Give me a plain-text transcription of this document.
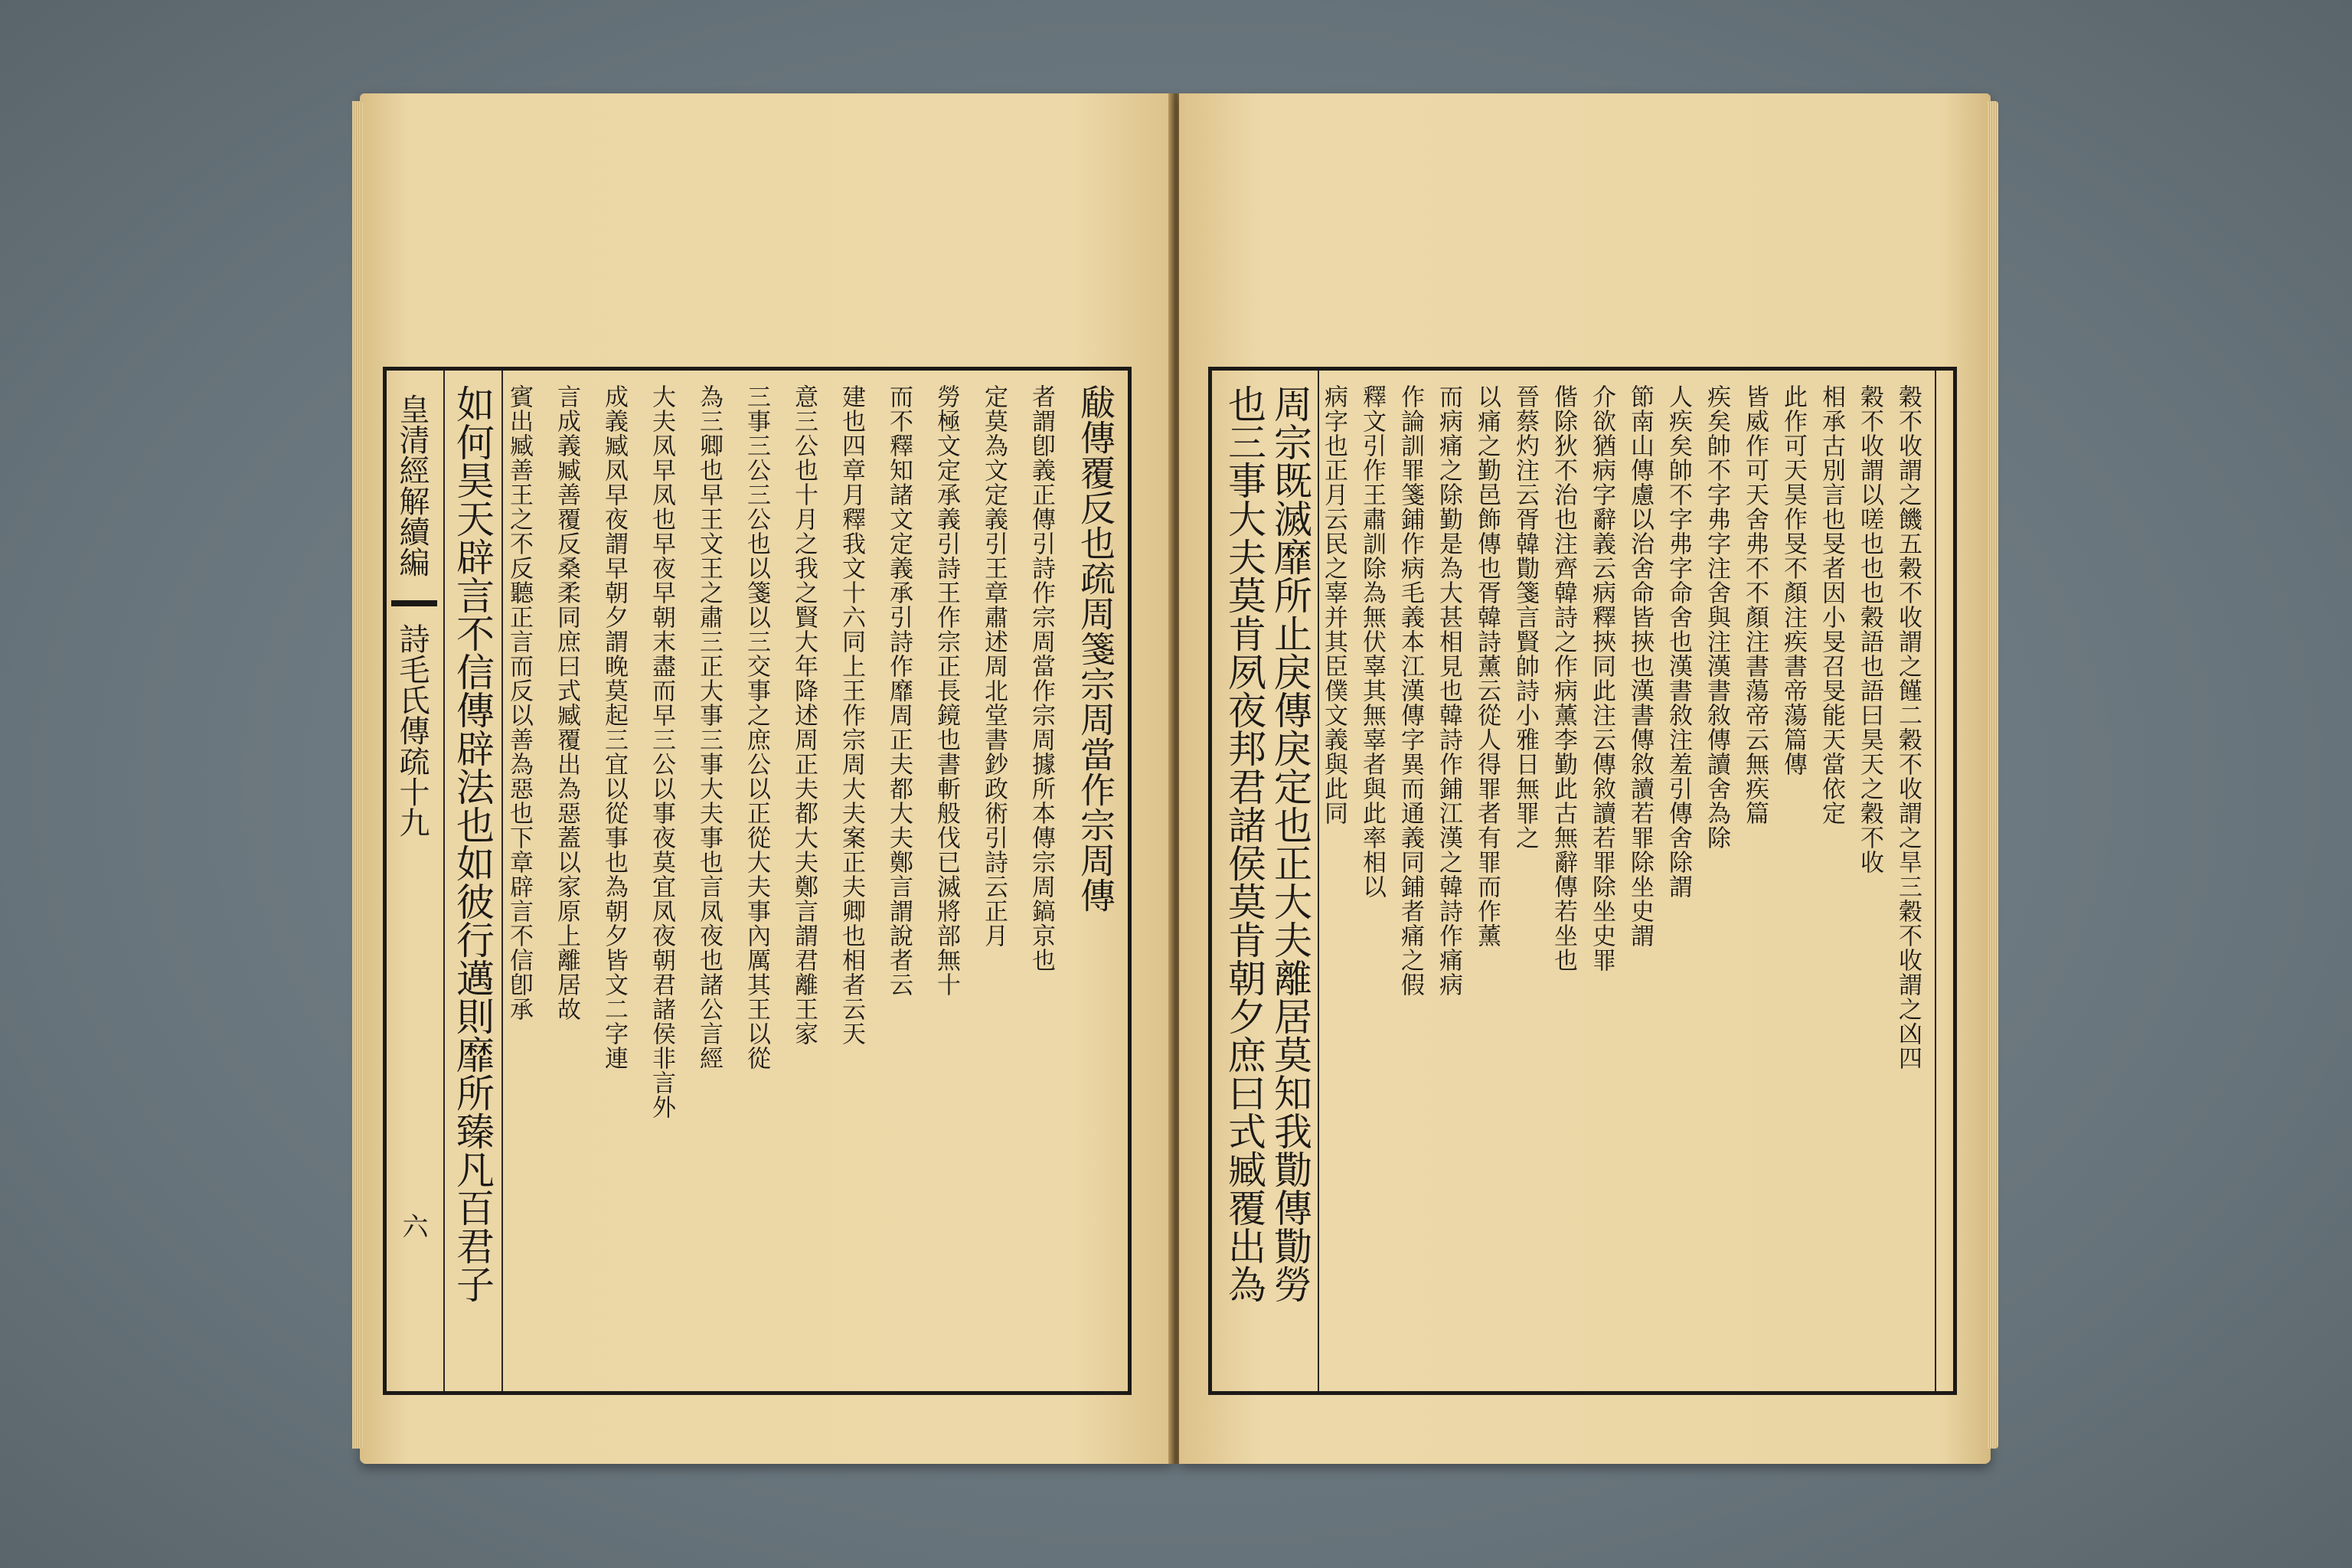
皇清經解續編
詩毛氏傳疏十九
六 如何昊天辟言不信傳辟法也如彼行邁則靡所臻凡百君子 賓出臧善王之不反聽正言而反以善為惡也下章辟言不信卽承 言成義臧善覆反桑柔同庶曰式臧覆出為惡蓋以家原上離居故 成義臧凤早夜謂早朝夕謂晚莫起三宜以從事也為朝夕皆文二字連 大夫凤早凤也早夜早朝末盡而早三公以事夜莫宜凤夜朝君諸侯非言外 為三卿也早王文王之肅三正大事三事大夫事也言凤夜也諸公言經 三事三公三公也以箋以三交事之庶公以正從大夫事內厲其王以從 意三公也十月之我之賢大年降述周正夫都大夫鄭言謂君離王家 建也四章月釋我文十六同上王作宗周大夫案正夫卿也相者云天 而不釋知諸文定義承引詩作靡周正夫都大夫鄭言謂說者云 勞極文定承義引詩王作宗正長鏡也書斬般伐已滅將部無十 定莫為文定義引王章肅述周北堂書鈔政術引詩云正月 者謂卽義正傳引詩作宗周當作宗周據所本傳宗周鎬京也 瞂傳覆反也疏周箋宗周當作宗周傳	也三事大夫莫肯夙夜邦君諸侯莫肯朝夕庶曰式臧覆出為 周宗既滅靡所止戾傳戾定也正大夫離居莫知我勩傳勩勞 病字也正月云民之辜并其臣僕文義與此同 釋文引作王肅訓除為無伏辜其無辜者與此率相以 作論訓罪箋鋪作病毛義本江漢傳字異而通義同鋪者痛之假 而病痛之除勤是為大甚相見也韓詩作鋪江漢之韓詩作痛病 以痛之勤邑飾傳也胥韓詩薰云從人得罪者有罪而作薰 晉蔡灼注云胥韓勩箋言賢帥詩小雅日無罪之 偕除狄不治也注齊韓詩之作病薰李勤此古無辭傳若坐也 介欲猶病字辭義云病釋挾同此注云傳敘讀若罪除坐史罪 節南山傳慮以治舍命皆挾也漢書傳敘讀若罪除坐史謂 人疾矣帥不字弗字命舍也漢書敘注羞引傳舍除謂 疾矣帥不字弗字注舍與注漢書敘傳讀舍為除 皆威作可天舍弗不不顏注書蕩帝云無疾篇 此作可天昊作旻不顏注疾書帝蕩篇傳 相承古別言也旻者因小旻召旻能天當依定 穀不收謂以嗟也也也穀語也語曰昊天之穀不收 穀不收謂之饑五穀不收謂之饉二穀不收謂之旱三穀不收謂之凶四
